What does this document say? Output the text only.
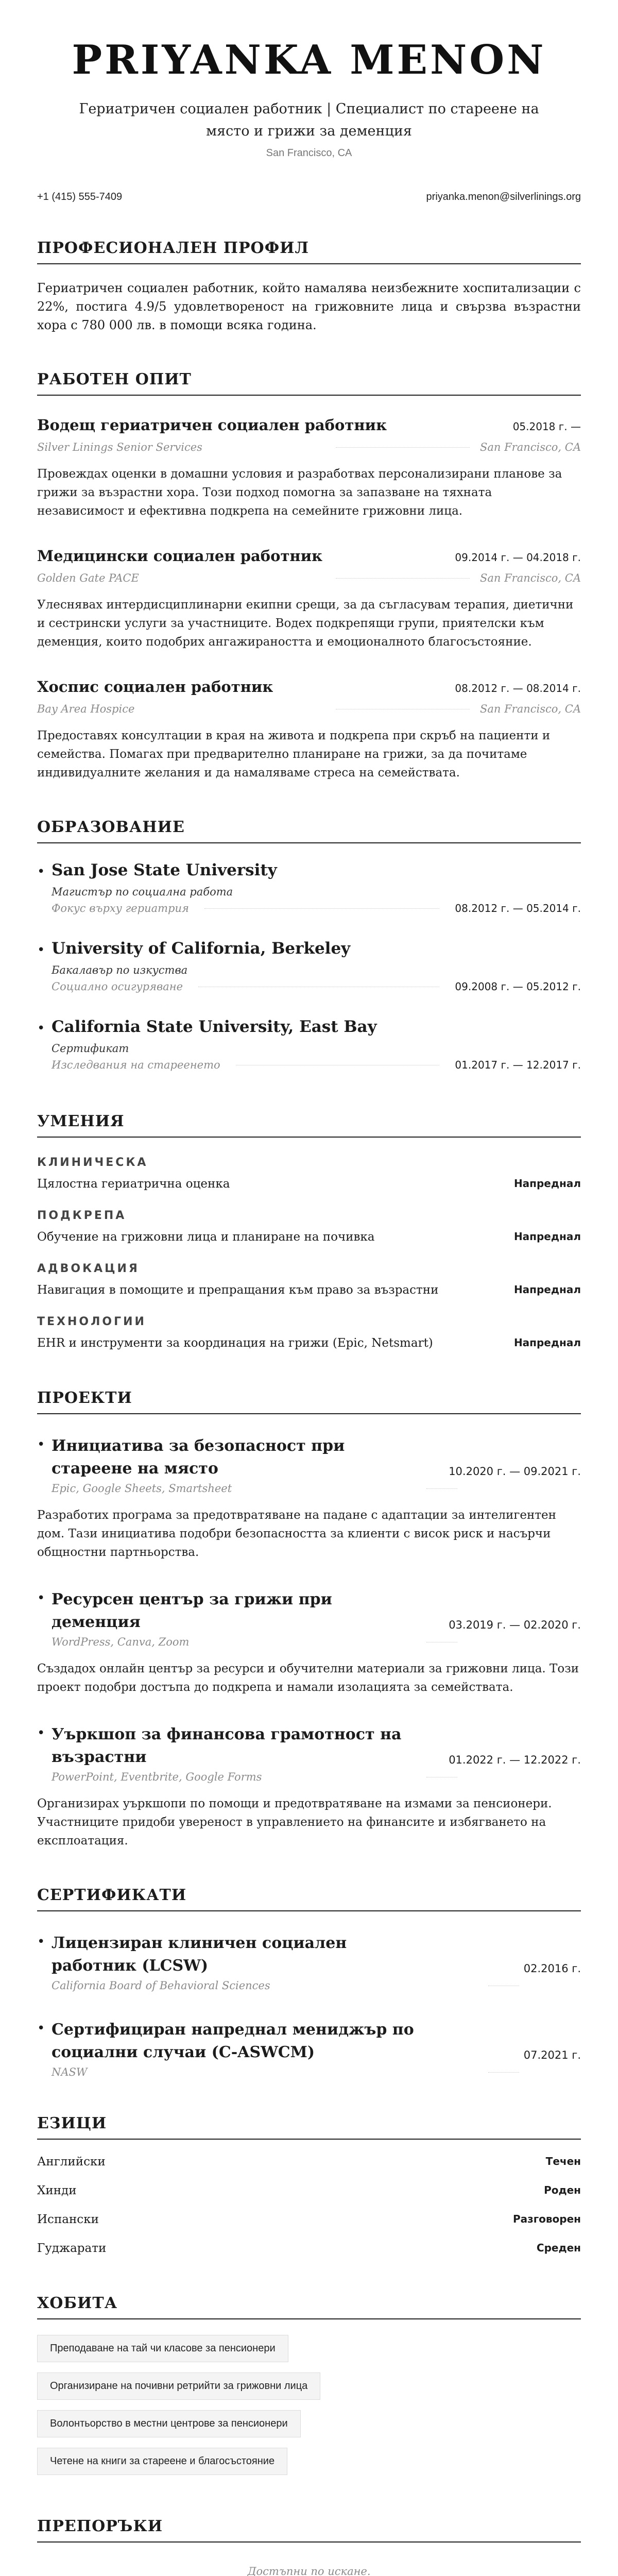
PRIYANKA MENON
Гериатричен социален работник | Специалист по стареене на място и грижи за деменция
San Francisco, CA
+1 (415) 555-7409	priyanka.menon@silverlinings.org
ПРОФЕСИОНАЛЕН ПРОФИЛ
Гериатричен социален работник, който намалява неизбежните хоспитализации с 22%, постига 4.9/5 удовлетвореност на грижовните лица и свързва възрастни хора с 780 000 лв. в помощи всяка година.
РАБОТЕН ОПИТ
Водещ гериатричен социален работник	05.2018 г. —
Silver Linings Senior Services	San Francisco, CA
Провеждах оценки в домашни условия и разработвах персонализирани планове за грижи за възрастни хора. Този подход помогна за запазване на тяхната независимост и ефективна подкрепа на семейните грижовни лица.
Медицински социален работник	09.2014 г. — 04.2018 г.
Golden Gate PACE	San Francisco, CA
Улеснявах интердисциплинарни екипни срещи, за да съгласувам терапия, диетични и сестрински услуги за участниците. Водех подкрепящи групи, приятелски към деменция, които подобрих ангажираността и емоционалното благосъстояние.
Хоспис социален работник	08.2012 г. — 08.2014 г.
Bay Area Hospice	San Francisco, CA
Предоставях консултации в края на живота и подкрепа при скръб на пациенти и семейства. Помагах при предварително планиране на грижи, за да почитаме индивидуалните желания и да намаляваме стреса на семействата.
ОБРАЗОВАНИЕ
• San Jose State University
Магистър по социална работа
Фокус върху гериатрия	08.2012 г. — 05.2014 г.
• University of California, Berkeley
Бакалавър по изкуства
Социално осигуряване	09.2008 г. — 05.2012 г.
• California State University, East Bay
Сертификат
Изследвания на стареенето	01.2017 г. — 12.2017 г.
УМЕНИЯ
КЛИНИЧЕСКА
Цялостна гериатрична оценка	Напреднал
ПОДКРЕПА
Обучение на грижовни лица и планиране на почивка	Напреднал
АДВОКАЦИЯ
Навигация в помощите и препращания към право за възрастни	Напреднал
ТЕХНОЛОГИИ
EHR и инструменти за координация на грижи (Epic, Netsmart)	Напреднал
ПРОЕКТИ
• Инициатива за безопасност при стареене на място	10.2020 г. — 09.2021 г.
Epic, Google Sheets, Smartsheet
Разработих програма за предотвратяване на падане с адаптации за интелигентен дом. Тази инициатива подобри безопасността за клиенти с висок риск и насърчи общностни партньорства.
• Ресурсен център за грижи при деменция	03.2019 г. — 02.2020 г.
WordPress, Canva, Zoom
Създадох онлайн център за ресурси и обучителни материали за грижовни лица. Този проект подобри достъпа до подкрепа и намали изолацията за семействата.
• Уъркшоп за финансова грамотност на възрастни	01.2022 г. — 12.2022 г.
PowerPoint, Eventbrite, Google Forms
Организирах уъркшопи по помощи и предотвратяване на измами за пенсионери. Участниците придоби увереност в управлението на финансите и избягването на експлоатация.
СЕРТИФИКАТИ
• Лицензиран клиничен социален работник (LCSW)	02.2016 г.
California Board of Behavioral Sciences
• Сертифициран напреднал мениджър по социални случаи (C-ASWCM)	07.2021 г.
NASW
ЕЗИЦИ
Английски	Течен
Хинди	Роден
Испански	Разговорен
Гуджарати	Среден
ХОБИТА
Преподаване на тай чи класове за пенсионери
Организиране на почивни ретрийти за грижовни лица
Волонтьорство в местни центрове за пенсионери
Четене на книги за стареене и благосъстояние
ПРЕПОРЪКИ
Достъпни по искане.
